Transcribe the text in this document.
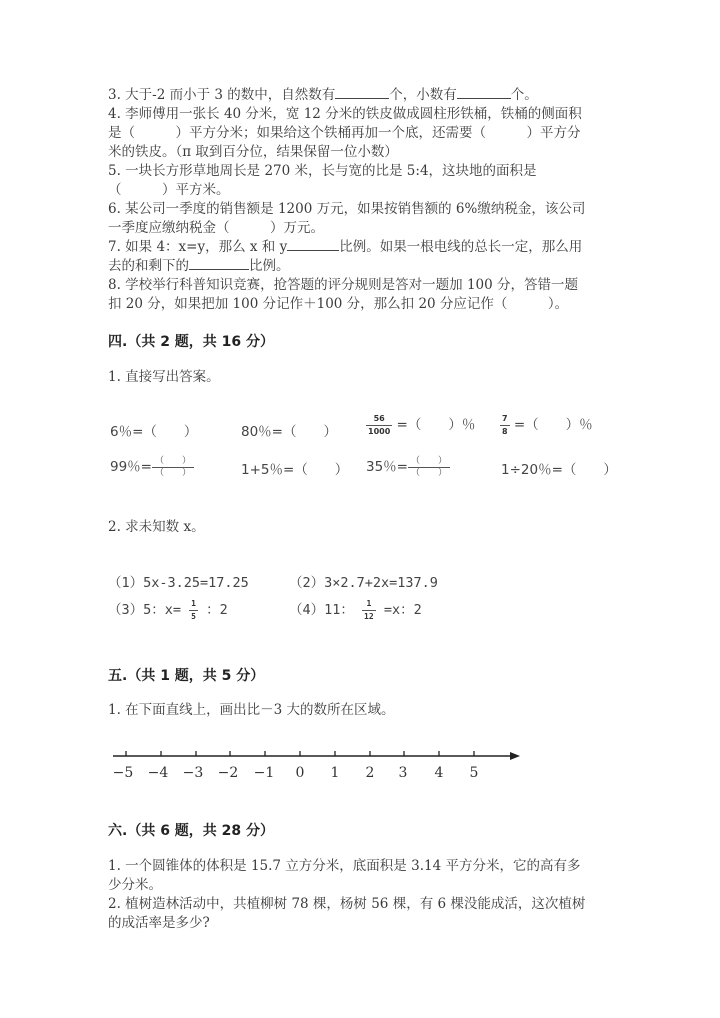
3. 大于-2 而小于 3 的数中，自然数有	个，小数有	个。
4. 李师傅用一张长 40 分米，宽 12 分米的铁皮做成圆柱形铁桶，铁桶的侧面积
是（　　　）平方分米；如果给这个铁桶再加一个底，还需要（　　　）平方分
米的铁皮。（π 取到百分位，结果保留一位小数）
5. 一块长方形草地周长是 270 米，长与宽的比是 5:4，这块地的面积是
（　　　）平方米。
6. 某公司一季度的销售额是 1200 万元，如果按销售额的 6%缴纳税金，该公司
一季度应缴纳税金（　　　）万元。
7. 如果 4：x=y，那么 x 和 y	比例。如果一根电线的总长一定，那么用
去的和剩下的	比例。
8. 学校举行科普知识竞赛，抢答题的评分规则是答对一题加 100 分，答错一题
扣 20 分，如果把加 100 分记作＋100 分，那么扣 20 分应记作（　　　）。
四.（共 2 题，共 16 分）
1. 直接写出答案。
6％=（　　）	80％=（　　）	$\frac{56}{1000}$ =（　　）％	$\frac{7}{8}$ =（　　）％
99％= $\frac{( )}{( )}$	1+5％=（　　） 35％= $\frac{( )}{( )}$	1÷20％=（　　）
2. 求未知数 x。
（1）5x-3.25=17.25	（2）3×2.7+2x=137.9
（3）5：$x= \frac{1}{5}$ ：2	（4）11： $\frac{1}{12} =x$：2
五.（共 1 题，共 5 分）
1. 在下面直线上，画出比－3 大的数所在区域。
−5 −4 −3 −2 −1 0 1 2 3 4 5
六.（共 6 题，共 28 分）
1. 一个圆锥体的体积是 15.7 立方分米，底面积是 3.14 平方分米，它的高有多
少分米。
2. 植树造林活动中，共植柳树 78 棵，杨树 56 棵，有 6 棵没能成活，这次植树
的成活率是多少?
